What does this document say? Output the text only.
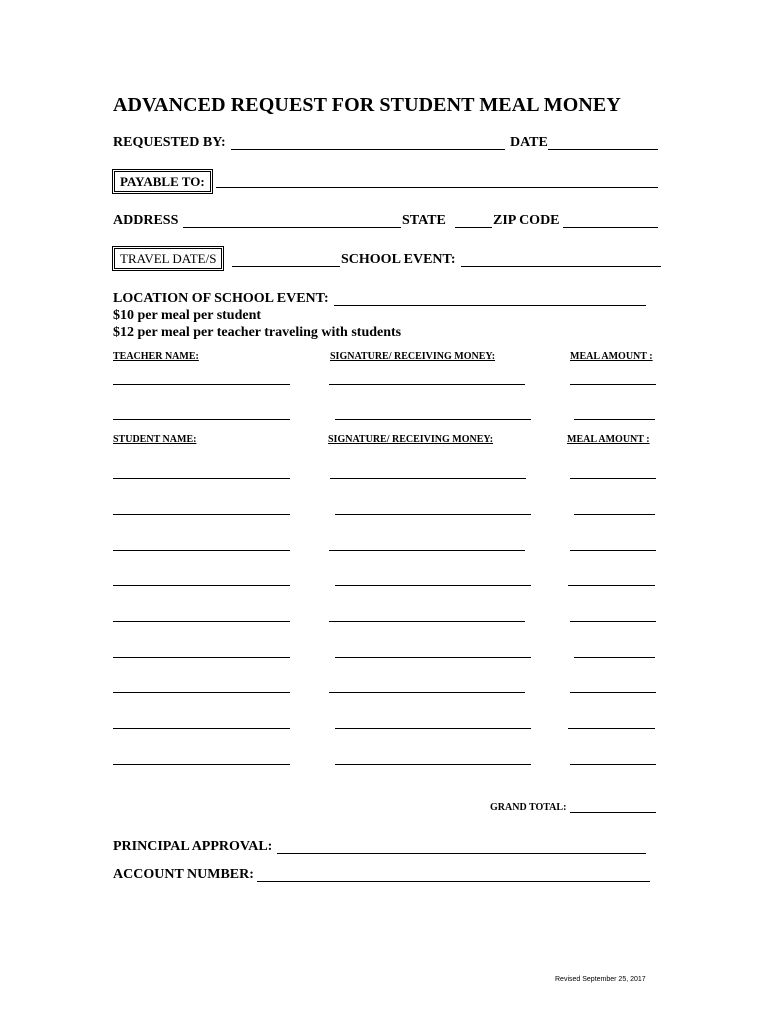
ADVANCED REQUEST FOR STUDENT MEAL MONEY
REQUESTED BY:	DATE
PAYABLE TO:
ADDRESS	STATE	ZIP CODE
TRAVEL DATE/S	SCHOOL EVENT:
LOCATION OF SCHOOL EVENT:
$10 per meal per student
$12 per meal per teacher traveling with students
TEACHER NAME:	SIGNATURE/ RECEIVING MONEY:	MEAL AMOUNT :
STUDENT NAME:	SIGNATURE/ RECEIVING MONEY:	MEAL AMOUNT :
GRAND TOTAL:
PRINCIPAL APPROVAL:
ACCOUNT NUMBER:
Revised September 25, 2017
